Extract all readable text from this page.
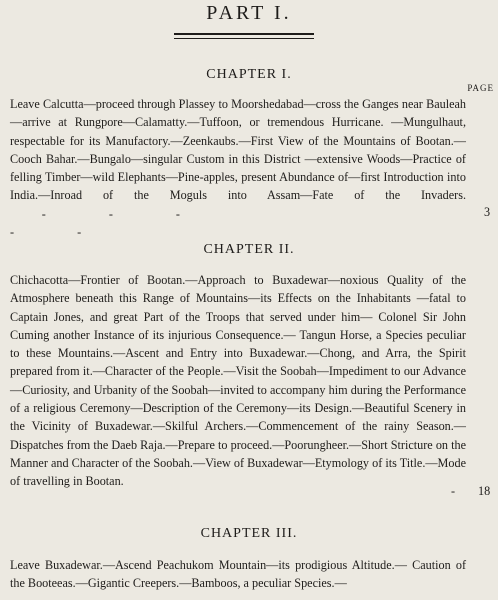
PART I.
CHAPTER I.
PAGE
Leave Calcutta—proceed through Plassey to Moorshedabad—cross the Ganges near Bauleah—arrive at Rungpore—Calamatty.—Tuffoon, or tremendous Hurricane. —Mungulhaut, respectable for its Manufactory.—Zeenkaubs.—First View of the Mountains of Bootan.—Cooch Bahar.—Bungalo—singular Custom in this District —extensive Woods—Practice of felling Timber—wild Elephants—Pine-apples, present Abundance of—first Introduction into India.—Inroad of the Moguls into Assam—Fate of the Invaders. - - - - -
3
CHAPTER II.
Chichacotta—Frontier of Bootan.—Approach to Buxadewar—noxious Quality of the Atmosphere beneath this Range of Mountains—its Effects on the Inhabitants —fatal to Captain Jones, and great Part of the Troops that served under him— Colonel Sir John Cuming another Instance of its injurious Consequence.— Tangun Horse, a Species peculiar to these Mountains.—Ascent and Entry into Buxadewar.—Chong, and Arra, the Spirit prepared from it.—Character of the People.—Visit the Soobah—Impediment to our Advance—Curiosity, and Urbanity of the Soobah—invited to accompany him during the Performance of a religious Ceremony—Description of the Ceremony—its Design.—Beautiful Scenery in the Vicinity of Buxadewar.—Skilful Archers.—Commencement of the rainy Season.—Dispatches from the Daeb Raja.—Prepare to proceed.—Poorungheer.—Short Stricture on the Manner and Character of the Soobah.—View of Buxadewar—Etymology of its Title.—Mode of travelling in Bootan.
- 18
CHAPTER III.
Leave Buxadewar.—Ascend Peachukom Mountain—its prodigious Altitude.— Caution of the Booteeas.—Gigantic Creepers.—Bamboos, a peculiar Species.—
